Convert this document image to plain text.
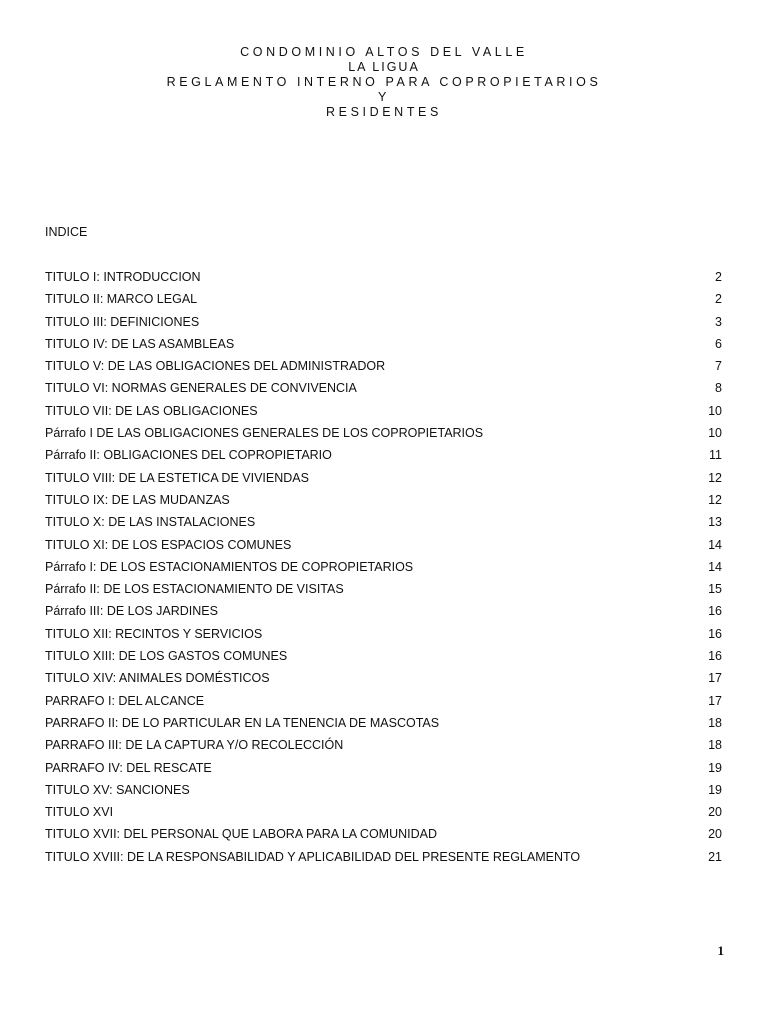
CONDOMINIO ALTOS DEL VALLE
LA LIGUA
REGLAMENTO INTERNO PARA COPROPIETARIOS
Y
RESIDENTES
INDICE
TITULO I: INTRODUCCION	2
TITULO II: MARCO LEGAL	2
TITULO III: DEFINICIONES	3
TITULO IV: DE LAS ASAMBLEAS	6
TITULO V: DE LAS OBLIGACIONES DEL ADMINISTRADOR	7
TITULO VI: NORMAS GENERALES DE CONVIVENCIA	8
TITULO VII: DE LAS OBLIGACIONES	10
Párrafo I DE LAS OBLIGACIONES GENERALES DE LOS COPROPIETARIOS	10
Párrafo II: OBLIGACIONES DEL COPROPIETARIO	11
TITULO VIII: DE LA ESTETICA DE VIVIENDAS	12
TITULO IX: DE LAS MUDANZAS	12
TITULO X: DE LAS INSTALACIONES	13
TITULO XI: DE LOS ESPACIOS COMUNES	14
Párrafo I: DE LOS ESTACIONAMIENTOS DE COPROPIETARIOS	14
Párrafo II: DE LOS ESTACIONAMIENTO DE VISITAS	15
Párrafo III: DE LOS JARDINES	16
TITULO XII: RECINTOS Y SERVICIOS	16
TITULO XIII: DE LOS GASTOS COMUNES	16
TITULO XIV: ANIMALES DOMÉSTICOS	17
PARRAFO I: DEL ALCANCE	17
PARRAFO II: DE LO PARTICULAR EN LA TENENCIA DE MASCOTAS	18
PARRAFO III: DE LA CAPTURA Y/O RECOLECCIÓN	18
PARRAFO IV: DEL RESCATE	19
TITULO XV: SANCIONES	19
TITULO XVI	20
TITULO XVII: DEL PERSONAL QUE LABORA PARA LA COMUNIDAD	20
TITULO XVIII: DE LA RESPONSABILIDAD Y APLICABILIDAD DEL PRESENTE REGLAMENTO	21
1
